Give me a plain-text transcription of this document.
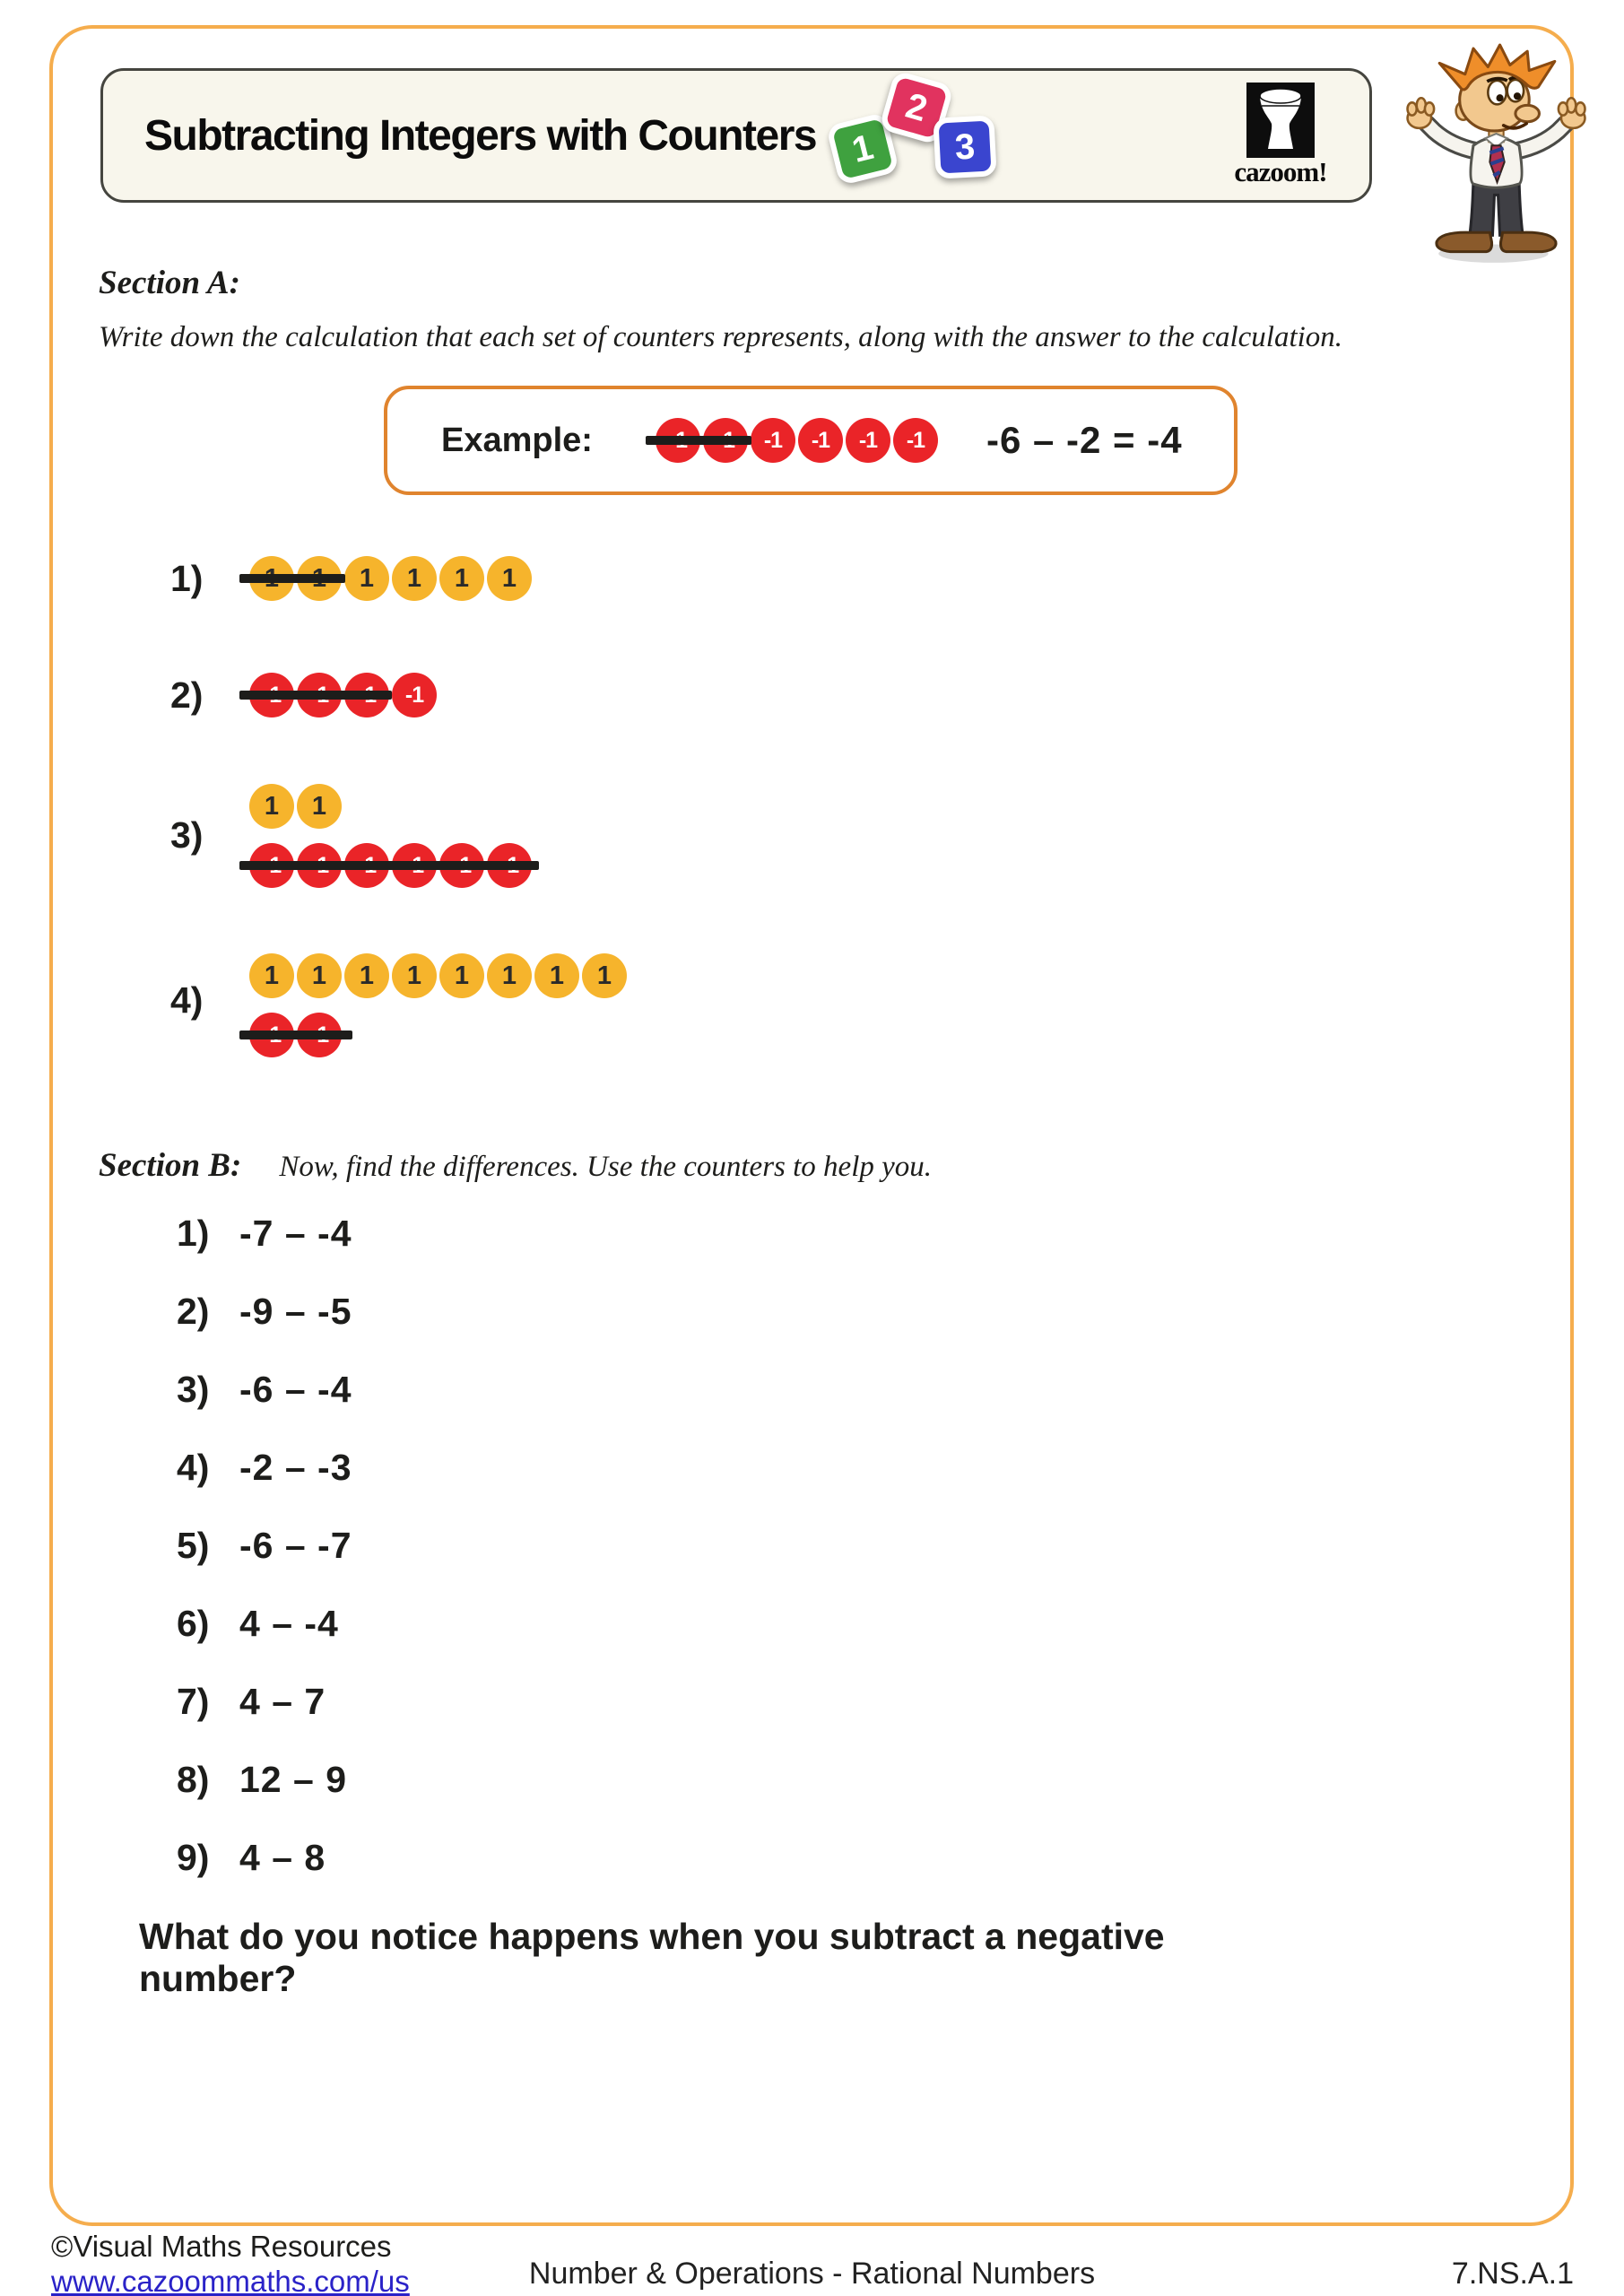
Subtracting Integers with Counters 1
2
3
cazoom!
Section A:
Write down the calculation that each set of counters represents, along with the answer to the calculation.
Example:	-1	-1	-1	-1	-6 – -2 = -4
1)	1	1	1	1
2)	-1
3)
1	1
4)
1	1	1	1	1	1	1	1
Section B: Now, find the differences. Use the counters to help you.
1) -7 – -4
2) -9 – -5
3) -6 – -4
4) -2 – -3
5) -6 – -7
6) 4 – -4
7) 4 – 7
8) 12 – 9
9) 4 – 8
What do you notice happens when you subtract a negative number?
©Visual Maths Resources
www.cazoommaths.com/us	Number & Operations - Rational Numbers	7.NS.A.1
